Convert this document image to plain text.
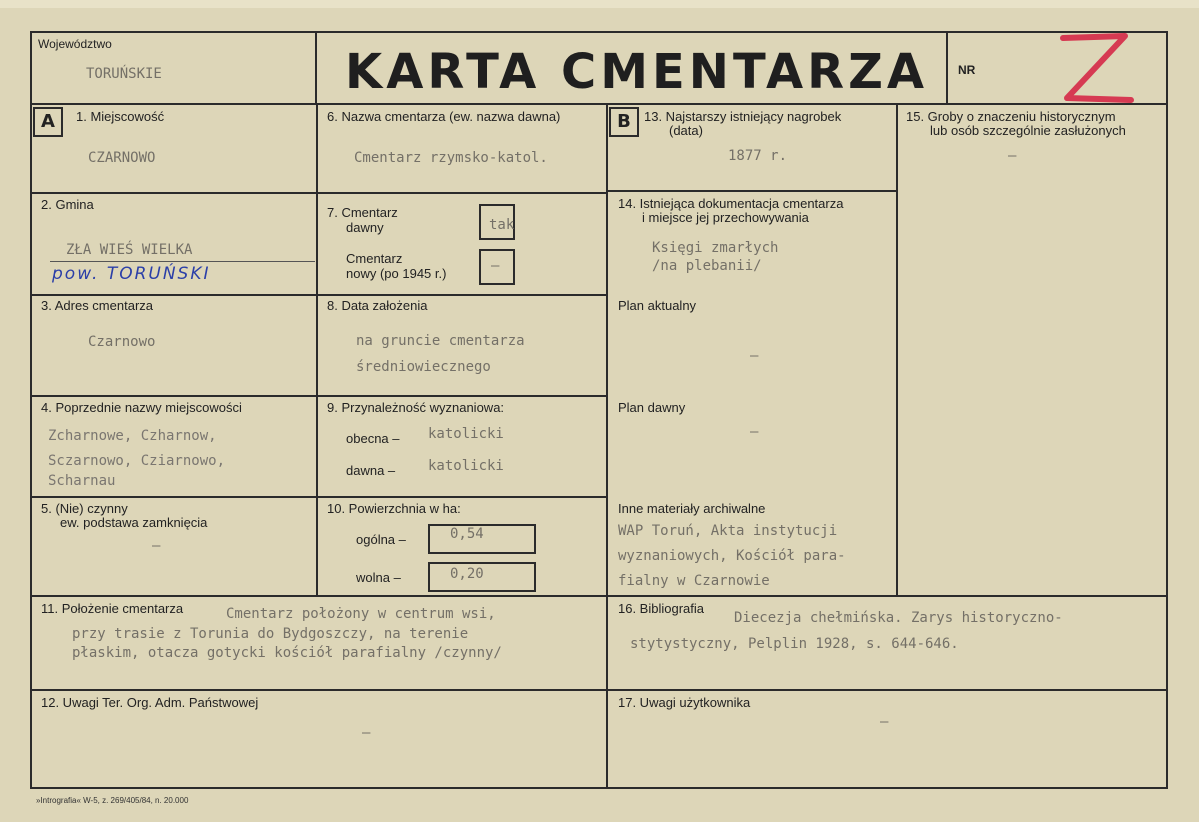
Województwo
TORUŃSKIE	KARTA CMENTARZA NR
A	B
1. Miejscowość
CZARNOWO
2. Gmina
ZŁA WIEŚ WIELKA
pow. TORUŃSKI
3. Adres cmentarza
Czarnowo
4. Poprzednie nazwy miejscowości
Zcharnowe, Czharnow,
Sczarnowo, Cziarnowo,
Scharnau
5. (Nie) czynny
ew. podstawa zamknięcia
–
6. Nazwa cmentarza (ew. nazwa dawna)
Cmentarz rzymsko-katol.
7. Cmentarz
dawny	tak
Cmentarz
nowy (po 1945 r.)	–
8. Data założenia
na gruncie cmentarza
średniowiecznego
9. Przynależność wyznaniowa:
obecna – katolicki
dawna – katolicki
10. Powierzchnia w ha:
ogólna –	0,54
wolna –	0,20
11. Położenie cmentarza	Cmentarz położony w centrum wsi,
przy trasie z Torunia do Bydgoszczy, na terenie
płaskim, otacza gotycki kościół parafialny /czynny/
12. Uwagi Ter. Org. Adm. Państwowej
–
13. Najstarszy istniejący nagrobek
(data)
1877 r.
14. Istniejąca dokumentacja cmentarza
i miejsce jej przechowywania
Księgi zmarłych
/na plebanii/
Plan aktualny
–
Plan dawny
–
Inne materiały archiwalne
WAP Toruń, Akta instytucji
wyznaniowych, Kościół para-
fialny w Czarnowie
15. Groby o znaczeniu historycznym
lub osób szczególnie zasłużonych
–
16. Bibliografia
Diecezja chełmińska. Zarys historyczno-
stytystyczny, Pelplin 1928, s. 644-646.
17. Uwagi użytkownika
–
»Intrografia« W-5, z. 269/405/84, n. 20.000
